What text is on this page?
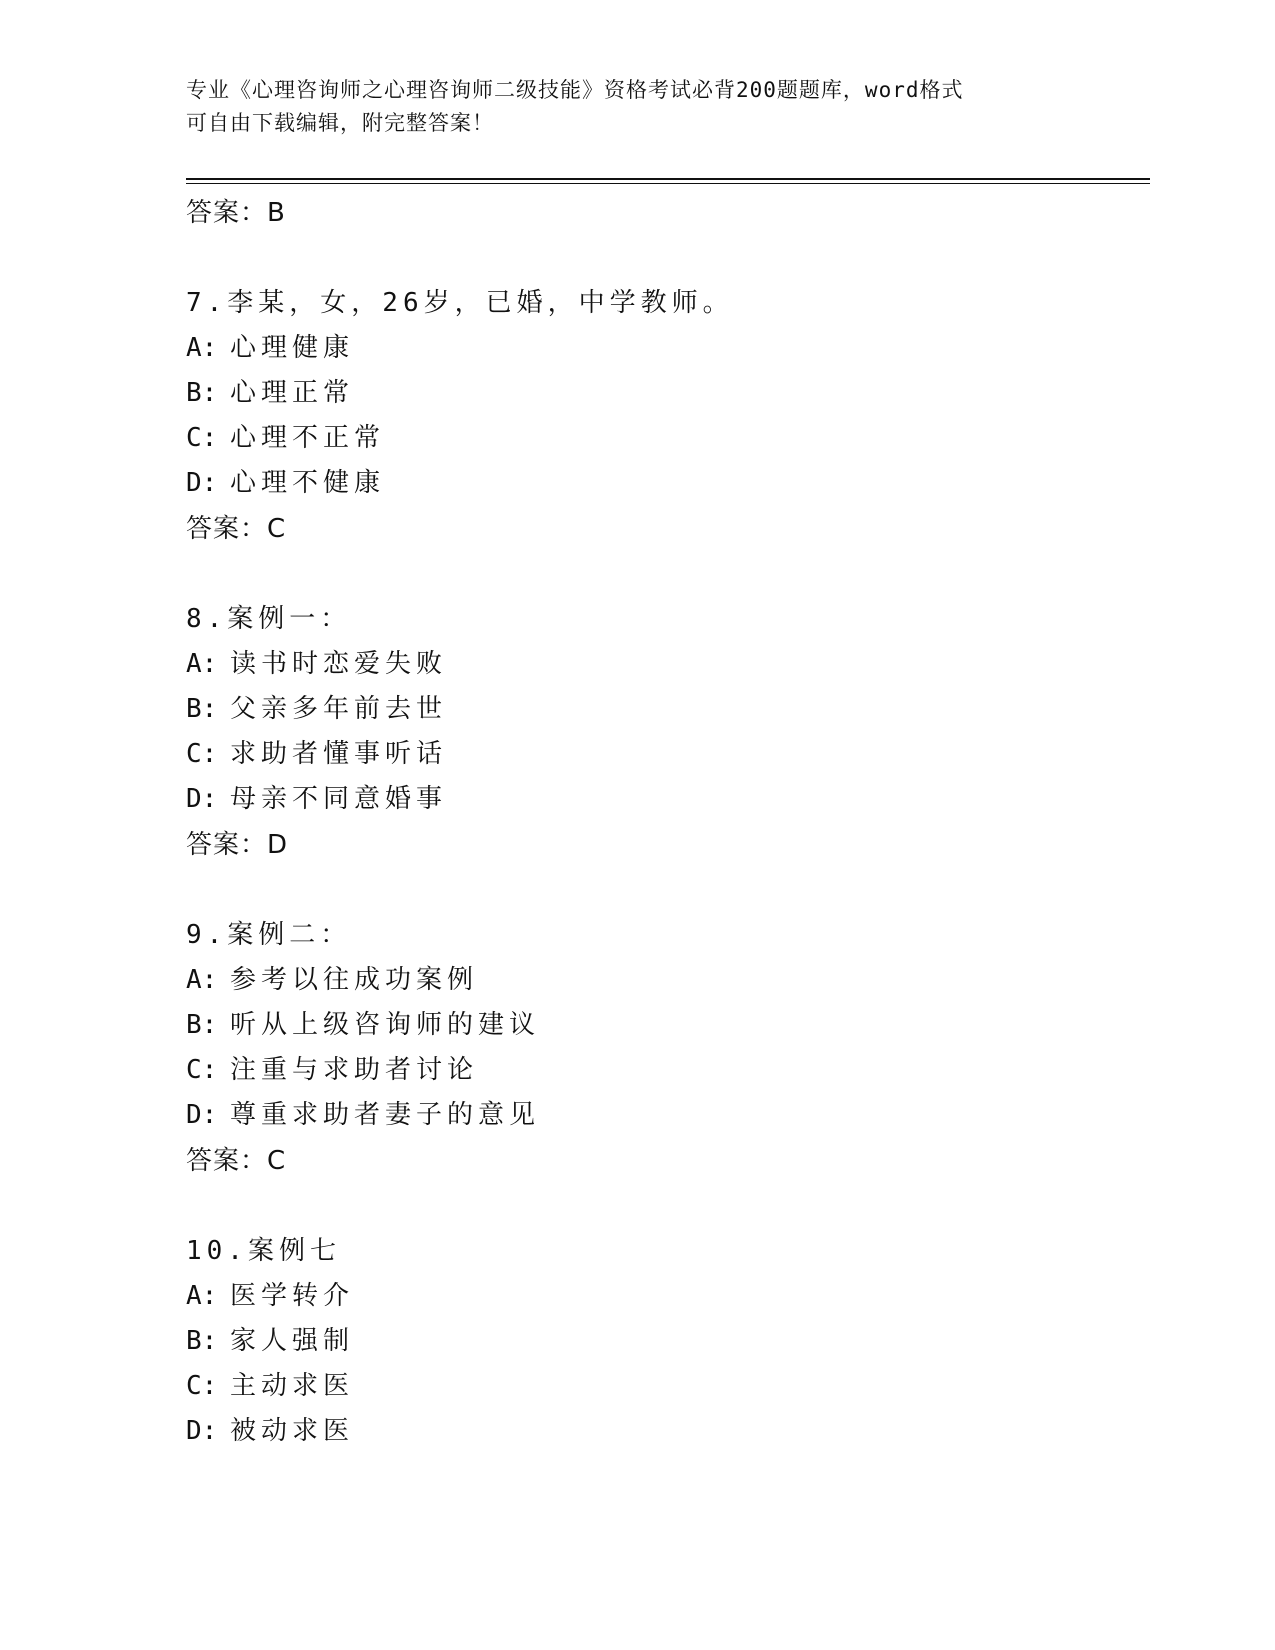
专业《心理咨询师之心理咨询师二级技能》资格考试必背200题题库，word格式
可自由下载编辑，附完整答案！
答案：B
7.李某，女，26岁，已婚，中学教师。
A: 心理健康
B: 心理正常
C: 心理不正常
D: 心理不健康
答案：C
8.案例一：
A: 读书时恋爱失败
B: 父亲多年前去世
C: 求助者懂事听话
D: 母亲不同意婚事
答案：D
9.案例二：
A: 参考以往成功案例
B: 听从上级咨询师的建议
C: 注重与求助者讨论
D: 尊重求助者妻子的意见
答案：C
10.案例七
A: 医学转介
B: 家人强制
C: 主动求医
D: 被动求医
